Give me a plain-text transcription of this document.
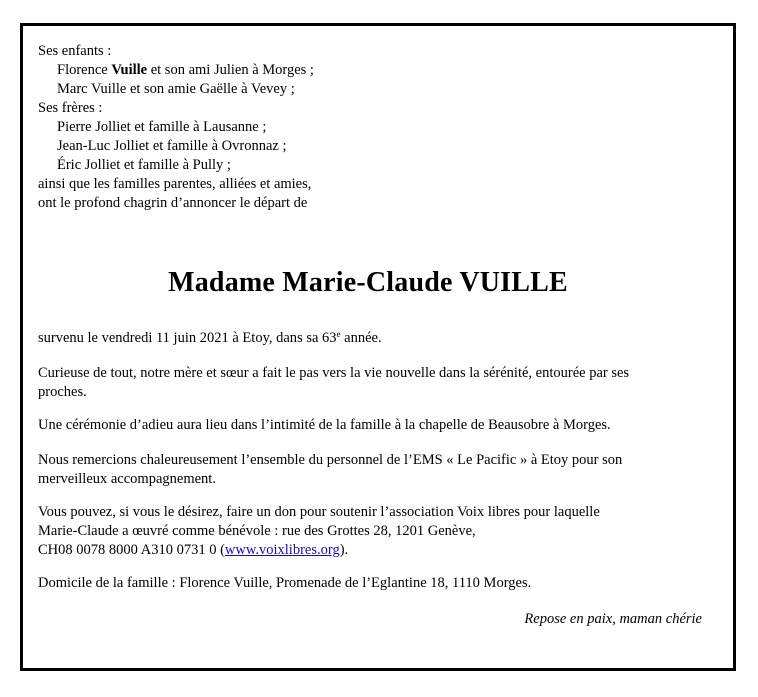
Ses enfants :
Florence Vuille et son ami Julien à Morges ;
Marc Vuille et son amie Gaëlle à Vevey ;
Ses frères :
Pierre Jolliet et famille à Lausanne ;
Jean-Luc Jolliet et famille à Ovronnaz ;
Éric Jolliet et famille à Pully ;
ainsi que les familles parentes, alliées et amies,
ont le profond chagrin d’annoncer le départ de
Madame Marie-Claude VUILLE
survenu le vendredi 11 juin 2021 à Etoy, dans sa 63e année.
Curieuse de tout, notre mère et sœur a fait le pas vers la vie nouvelle dans la sérénité, entourée par ses proches.
Une cérémonie d’adieu aura lieu dans l’intimité de la famille à la chapelle de Beausobre à Morges.
Nous remercions chaleureusement l’ensemble du personnel de l’EMS « Le Pacific » à Etoy pour son merveilleux accompagnement.
Vous pouvez, si vous le désirez, faire un don pour soutenir l’association Voix libres pour laquelle
Marie-Claude a œuvré comme bénévole : rue des Grottes 28, 1201 Genève,
CH08 0078 8000 A310 0731 0 (www.voixlibres.org).
Domicile de la famille : Florence Vuille, Promenade de l’Eglantine 18, 1110 Morges.
Repose en paix, maman chérie
